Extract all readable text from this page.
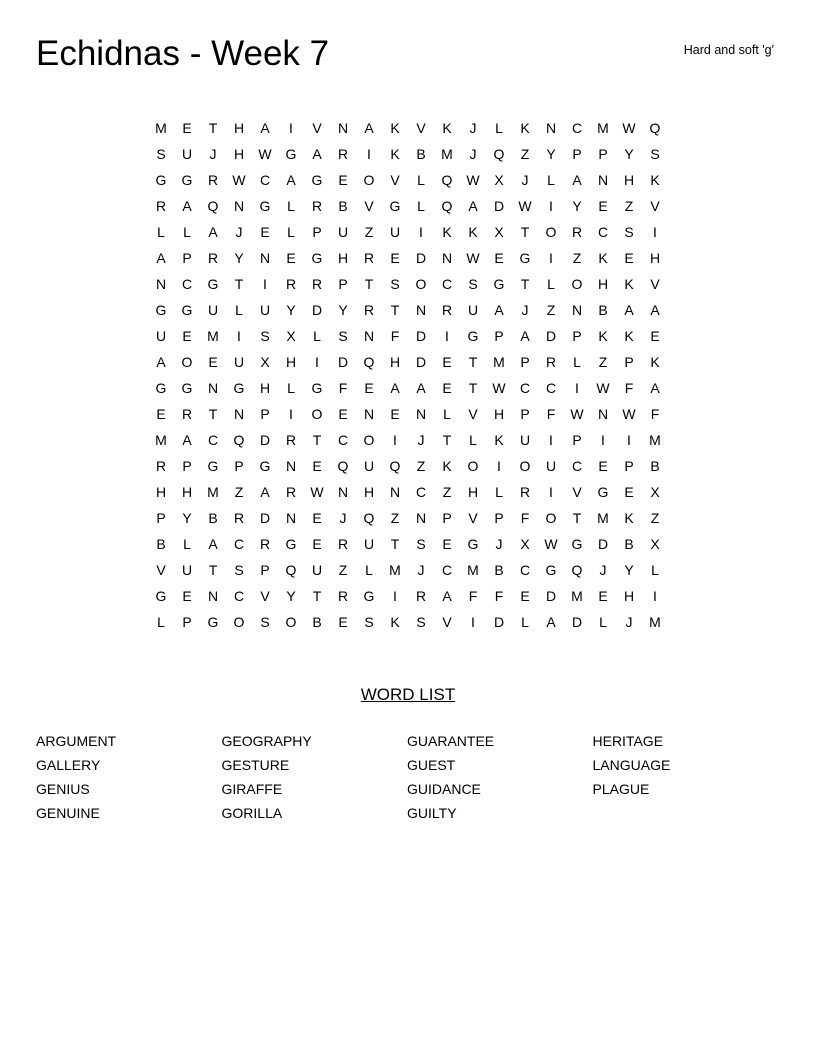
Echidnas - Week 7	Hard and soft 'g'
M	E	T	H	A	I	V	N	A	K	V	K	J	L	K	N	C	M W Q
S	U	J	H	W G	A	R	I	K	B	M	J	Q	Z	Y	P	P	Y	S
G	G	R	W	C	A	G	E	O	V	L	Q W	X	J	L	A	N	H	K
R	A	Q	N	G	L	R	B	V	G	L	Q	A	D	W	I	Y	E	Z	V
L	L	A	J	E	L	P	U	Z	U	I	K	K	X	T	O	R	C	S	I
A	P	R	Y	N	E	G	H	R	E	D	N	W	E	G	I	Z	K	E	H
N	C	G	T	I	R	R	P	T	S	O	C	S	G	T	L	O	H	K	V
G	G	U	L	U	Y	D	Y	R	T	N	R	U	A	J	Z	N	B	A	A
U	E	M	I	S	X	L	S	N	F	D	I	G	P	A	D	P	K	K	E
A	O	E	U	X	H	I	D	Q	H	D	E	T	M	P	R	L	Z	P	K
G	G	N	G	H	L	G	F	E	A	A	E	T	W	C	C	I	W	F	A
E	R	T	N	P	I	O	E	N	E	N	L	V	H	P	F	W	N	W	F
M	A	C	Q	D	R	T	C	O	I	J	T	L	K	U	I	P	I	I	M
R	P	G	P	G	N	E	Q	U	Q	Z	K	O	I	O	U	C	E	P	B
H	H	M	Z	A	R	W	N	H	N	C	Z	H	L	R	I	V	G	E	X
P	Y	B	R	D	N	E	J	Q	Z	N	P	V	P	F	O	T	M	K	Z
B	L	A	C	R	G	E	R	U	T	S	E	G	J	X	W G	D	B	X
V	U	T	S	P	Q	U	Z	L	M	J	C	M	B	C	G	Q	J	Y	L
G	E	N	C	V	Y	T	R	G	I	R	A	F	F	E	D	M	E	H	I
L	P	G	O	S	O	B	E	S	K	S	V	I	D	L	A	D	L	J	M
WORD LIST
ARGUMENT	GEOGRAPHY	GUARANTEE	HERITAGE
GALLERY	GESTURE	GUEST	LANGUAGE
GENIUS	GIRAFFE	GUIDANCE	PLAGUE
GENUINE	GORILLA	GUILTY
